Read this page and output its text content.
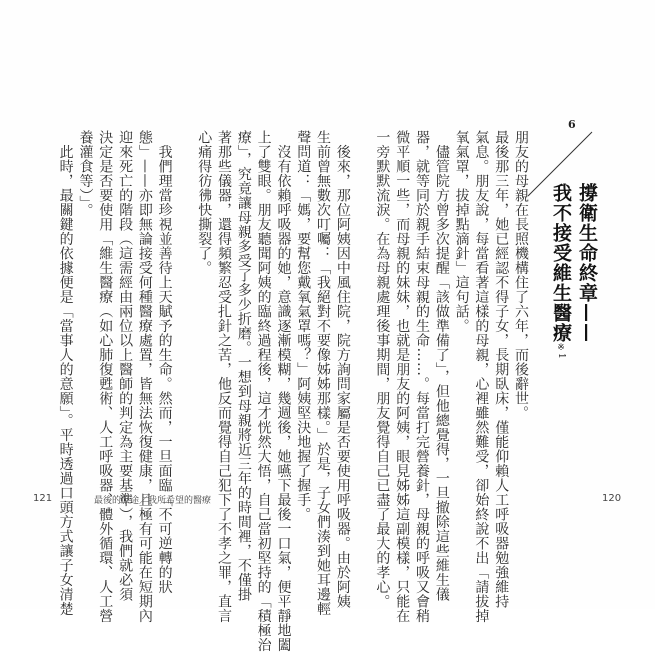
朋友的母親在長照機構住了六年，而後辭世。
最後那三年，她已經認不得子女，長期臥床，僅能仰賴人工呼吸器勉強維持
氣息。朋友說，每當看著這樣的母親，心裡雖然難受，卻始終說不出「請拔掉
氧氣罩，拔掉點滴針」這句話。
　儘管院方曾多次提醒「該做準備了」，但他總覺得，一旦撤除這些維生儀
器，就等同於親手結束母親的生命……。每當打完營養針，母親的呼吸又會稍
微平順一些，而母親的妹妹，也就是朋友的阿姨，眼見姊姊這副模樣，只能在
一旁默默流淚。在為母親處理後事期間，朋友覺得自己已盡了最大的孝心。

　後來，那位阿姨因中風住院，院方詢問家屬是否要使用呼吸器。由於阿姨
生前曾無數次叮囑：「我絕對不要像姊姊那樣。」於是，子女們湊到她耳邊輕
聲問道：「媽，要幫您戴氧氣罩嗎？」阿姨堅決地握了握手。
　沒有依賴呼吸器的她，意識逐漸模糊，幾週後，她嚥下最後一口氣，便平靜地闔
上了雙眼。朋友聽聞阿姨的臨終過程後，這才恍然大悟，自己當初堅持的「積極治
療」，究竟讓母親多受了多少折磨。一想到母親將近三年的時間裡，不僅掛
著那些儀器，還得頻繁忍受扎針之苦，他反而覺得自己犯下了不孝之罪，直言
心痛得彷彿快撕裂了。

　我們理當珍視並善待上天賦予的生命。然而，一旦面臨「不可逆轉的狀
態」——亦即無論接受何種醫療處置，皆無法恢復健康，且極有可能在短期內
迎來死亡的階段（這需經由兩位以上醫師的判定為主要基準），我們就必須
決定是否要使用「維生醫療（如心肺復甦術、人工呼吸器、體外循環、人工營
養灌食等）」。
　此時，最關鍵的依據便是「當事人的意願」。平時透過口頭方式讓子女清楚
6
撐衛生命終章——
我不接受維生醫療※1
121	最後的旅途／我所希望的醫療	120
